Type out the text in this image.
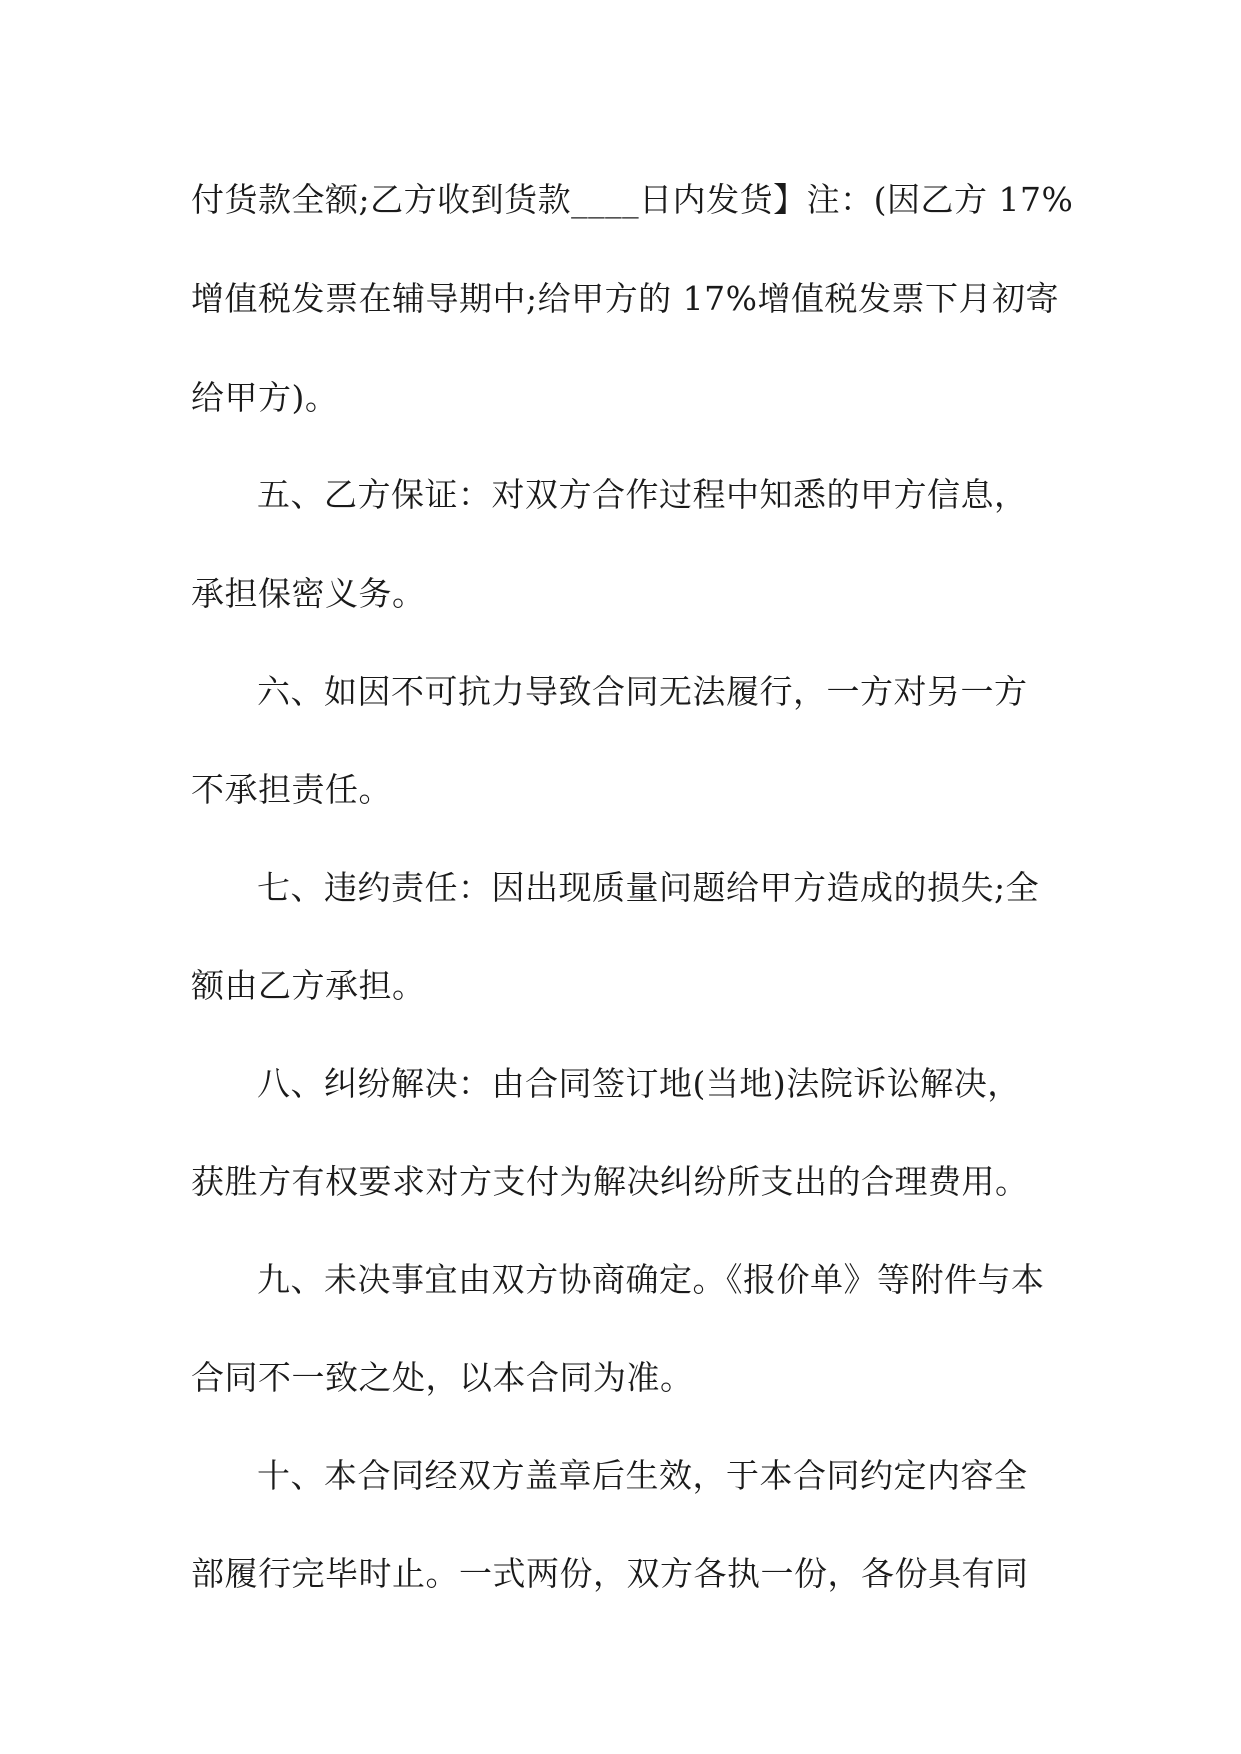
付货款全额;乙方收到货款____日内发货】注：(因乙方 17%
增值税发票在辅导期中;给甲方的 17%增值税发票下月初寄
给甲方)。
五、乙方保证：对双方合作过程中知悉的甲方信息，
承担保密义务。
六、如因不可抗力导致合同无法履行，一方对另一方
不承担责任。
七、违约责任：因出现质量问题给甲方造成的损失;全
额由乙方承担。
八、纠纷解决：由合同签订地(当地)法院诉讼解决，
获胜方有权要求对方支付为解决纠纷所支出的合理费用。
九、未决事宜由双方协商确定。《报价单》等附件与本
合同不一致之处，以本合同为准。
十、本合同经双方盖章后生效，于本合同约定内容全
部履行完毕时止。一式两份，双方各执一份，各份具有同
